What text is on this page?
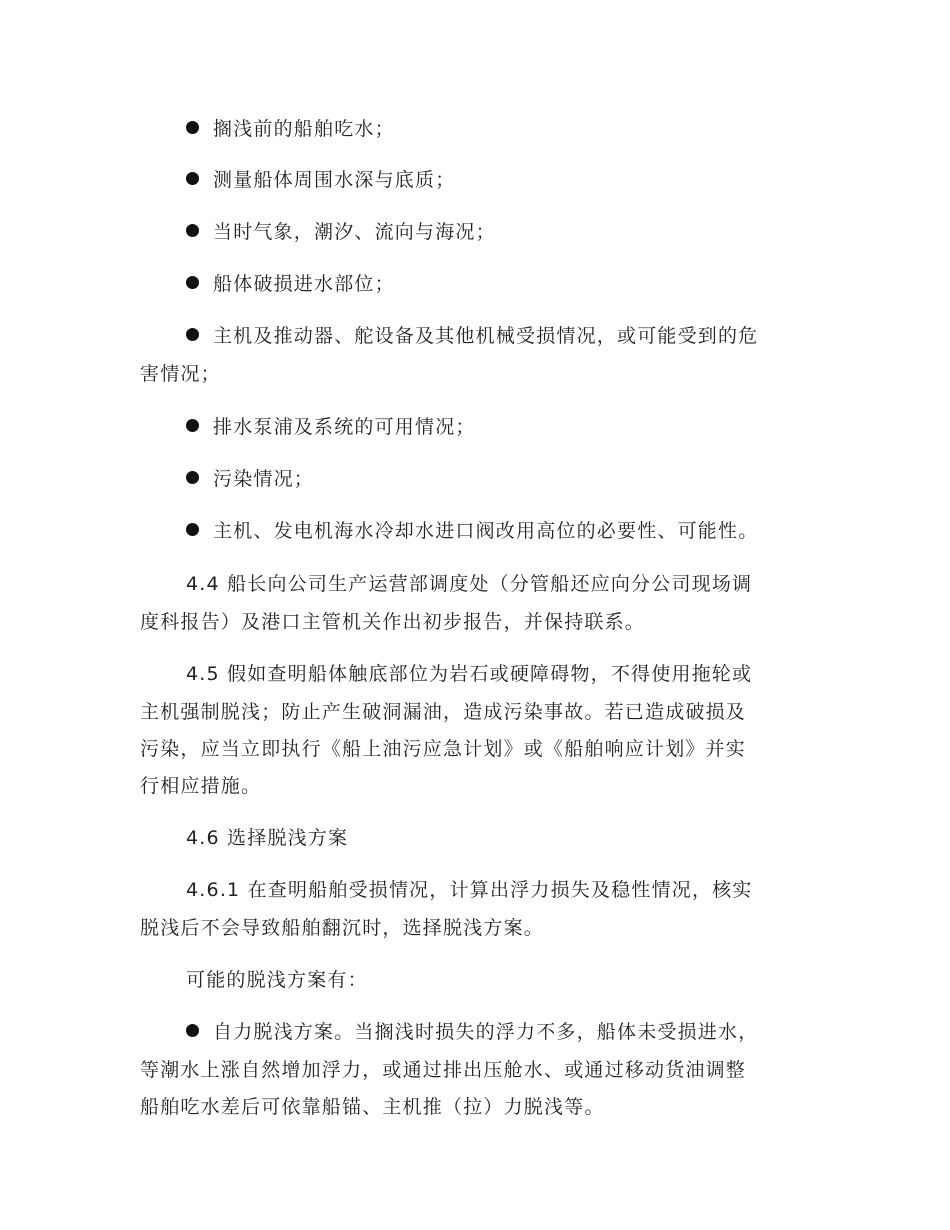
搁浅前的船舶吃水；
测量船体周围水深与底质；
当时气象，潮汐、流向与海况；
船体破损进水部位；
主机及推动器、舵设备及其他机械受损情况，或可能受到的危
害情况；
排水泵浦及系统的可用情况；
污染情况；
主机、发电机海水冷却水进口阀改用高位的必要性、可能性。
4.4 船长向公司生产运营部调度处（分管船还应向分公司现场调
度科报告）及港口主管机关作出初步报告，并保持联系。
4.5 假如查明船体触底部位为岩石或硬障碍物，不得使用拖轮或
主机强制脱浅；防止产生破洞漏油，造成污染事故。若已造成破损及
污染，应当立即执行《船上油污应急计划》或《船舶响应计划》并实
行相应措施。
4.6 选择脱浅方案
4.6.1 在查明船舶受损情况，计算出浮力损失及稳性情况，核实
脱浅后不会导致船舶翻沉时，选择脱浅方案。
可能的脱浅方案有：
自力脱浅方案。当搁浅时损失的浮力不多，船体未受损进水，
等潮水上涨自然增加浮力，或通过排出压舱水、或通过移动货油调整
船舶吃水差后可依靠船锚、主机推（拉）力脱浅等。
